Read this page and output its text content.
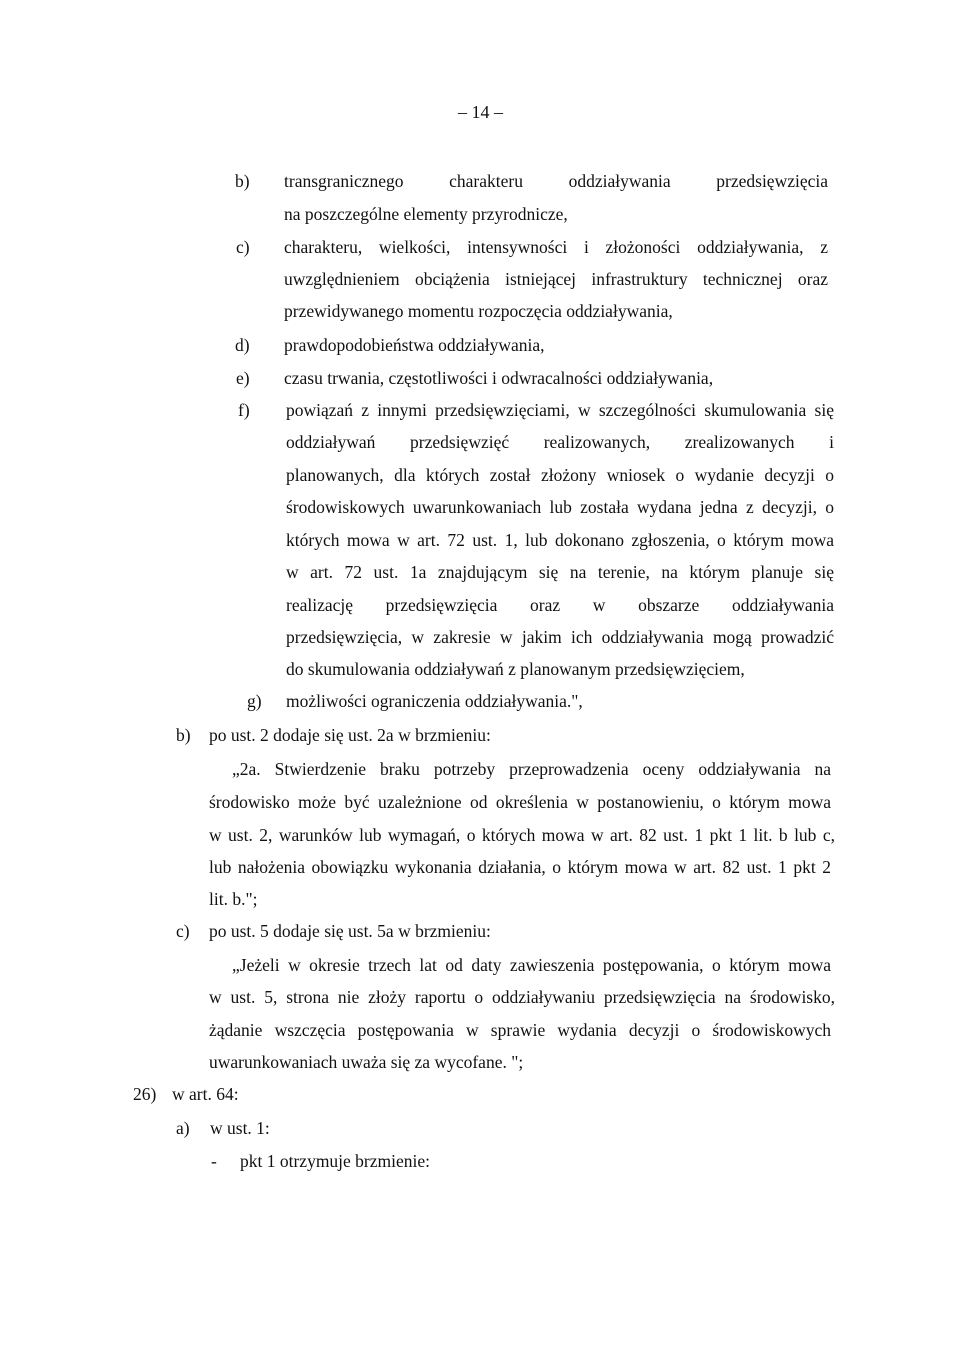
– 14 –
b) transgranicznego charakteru oddziaływania przedsięwzięcia
na poszczególne elementy przyrodnicze,
c) charakteru, wielkości, intensywności i złożoności oddziaływania, z
uwzględnieniem obciążenia istniejącej infrastruktury technicznej oraz
przewidywanego momentu rozpoczęcia oddziaływania,
d) prawdopodobieństwa oddziaływania,
e) czasu trwania, częstotliwości i odwracalności oddziaływania,
f) powiązań z innymi przedsięwzięciami, w szczególności skumulowania się
oddziaływań przedsięwzięć realizowanych, zrealizowanych i
planowanych, dla których został złożony wniosek o wydanie decyzji o
środowiskowych uwarunkowaniach lub została wydana jedna z decyzji, o
których mowa w art. 72 ust. 1, lub dokonano zgłoszenia, o którym mowa
w art. 72 ust. 1a znajdującym się na terenie, na którym planuje się
realizację przedsięwzięcia oraz w obszarze oddziaływania
przedsięwzięcia, w zakresie w jakim ich oddziaływania mogą prowadzić
do skumulowania oddziaływań z planowanym przedsięwzięciem,
g) możliwości ograniczenia oddziaływania.",
b) po ust. 2 dodaje się ust. 2a w brzmieniu:
„2a. Stwierdzenie braku potrzeby przeprowadzenia oceny oddziaływania na
środowisko może być uzależnione od określenia w postanowieniu, o którym mowa
w ust. 2, warunków lub wymagań, o których mowa w art. 82 ust. 1 pkt 1 lit. b lub c,
lub nałożenia obowiązku wykonania działania, o którym mowa w art. 82 ust. 1 pkt 2
lit. b.";
c) po ust. 5 dodaje się ust. 5a w brzmieniu:
„Jeżeli w okresie trzech lat od daty zawieszenia postępowania, o którym mowa
w ust. 5, strona nie złoży raportu o oddziaływaniu przedsięwzięcia na środowisko,
żądanie wszczęcia postępowania w sprawie wydania decyzji o środowiskowych
uwarunkowaniach uważa się za wycofane. ";
26) w art. 64:
a) w ust. 1:
- pkt 1 otrzymuje brzmienie:
